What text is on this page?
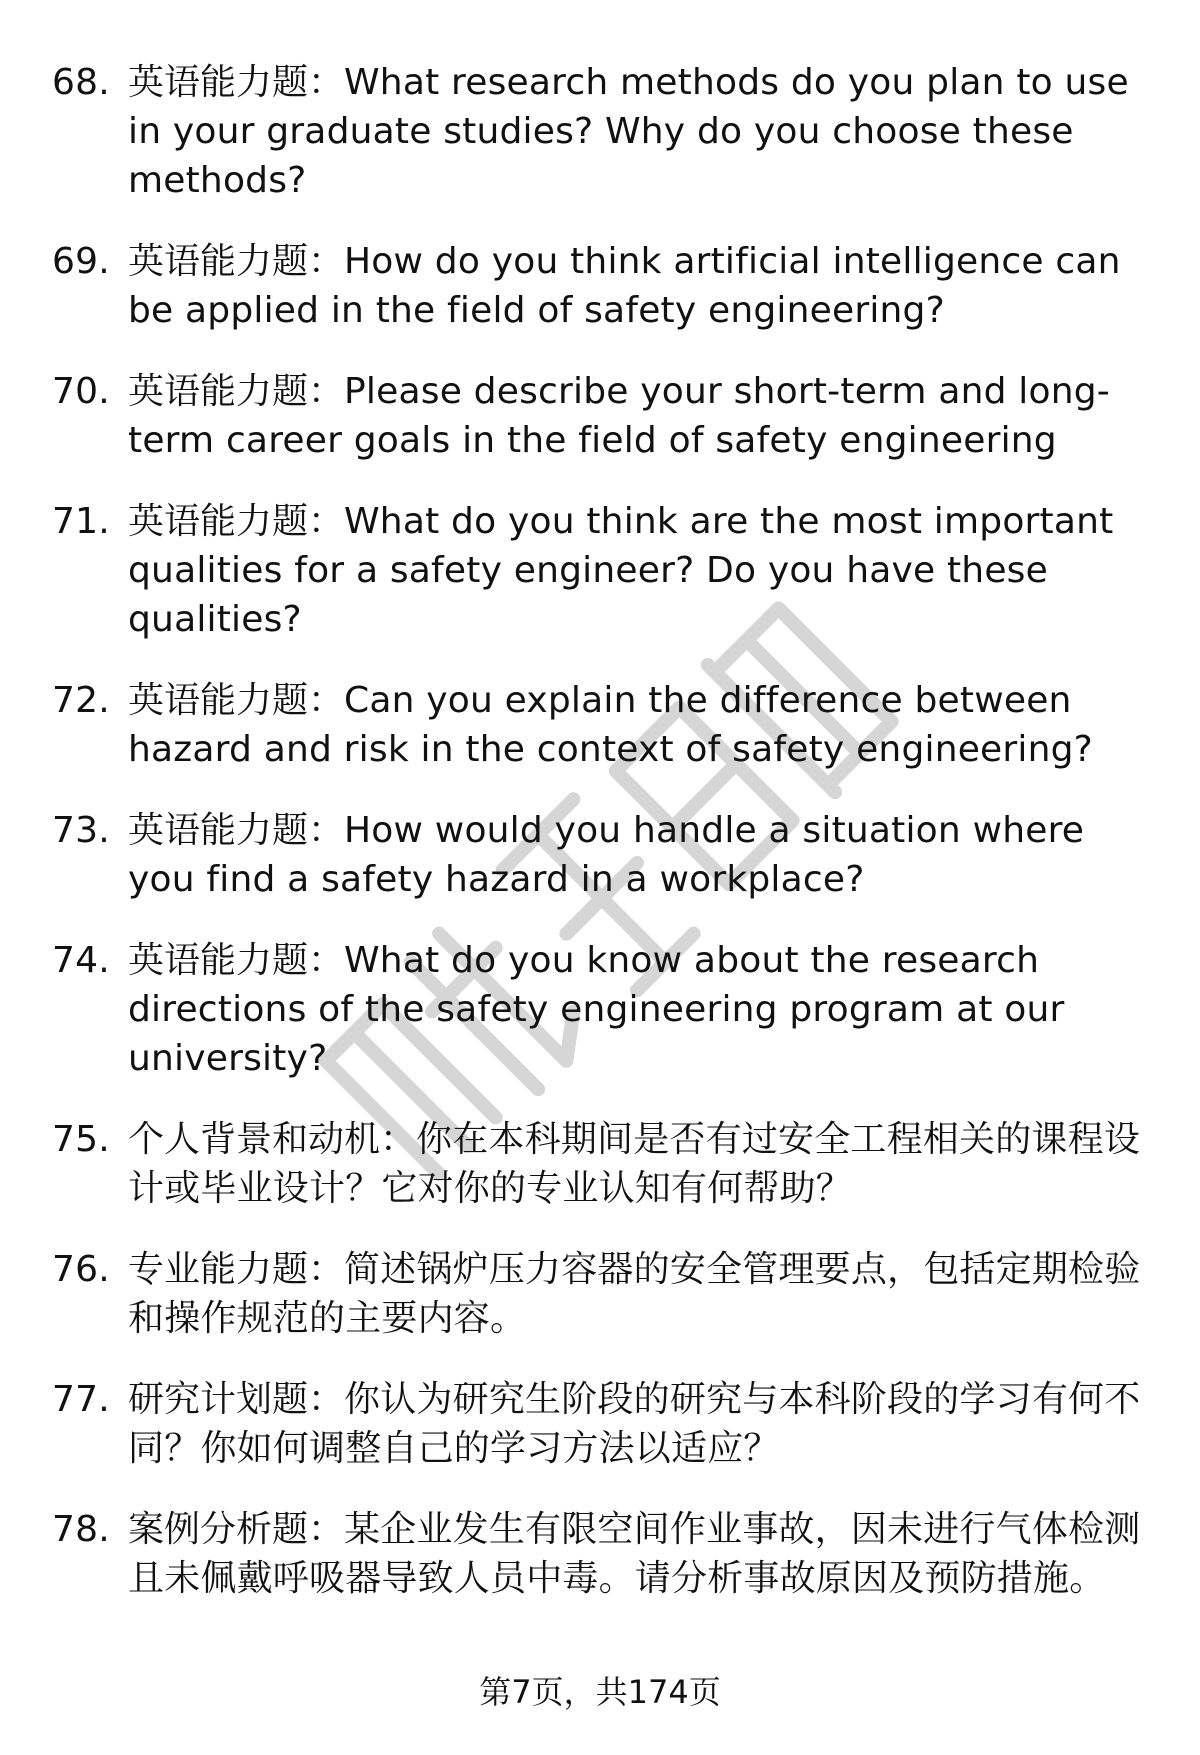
68. 英语能力题：What research methods do you plan to use in your graduate studies? Why do you choose these methods?
69. 英语能力题：How do you think artificial intelligence can be applied in the field of safety engineering?
70. 英语能力题：Please describe your short-term and long-term career goals in the field of safety engineering
71. 英语能力题：What do you think are the most important qualities for a safety engineer? Do you have these qualities?
72. 英语能力题：Can you explain the difference between hazard and risk in the context of safety engineering?
73. 英语能力题：How would you handle a situation where you find a safety hazard in a workplace?
74. 英语能力题：What do you know about the research directions of the safety engineering program at our university?
75. 个人背景和动机：你在本科期间是否有过安全工程相关的课程设计或毕业设计？它对你的专业认知有何帮助？
76. 专业能力题：简述锅炉压力容器的安全管理要点，包括定期检验和操作规范的主要内容。
77. 研究计划题：你认为研究生阶段的研究与本科阶段的学习有何不同？你如何调整自己的学习方法以适应？
78. 案例分析题：某企业发生有限空间作业事故，因未进行气体检测且未佩戴呼吸器导致人员中毒。请分析事故原因及预防措施。
第7页，共174页
